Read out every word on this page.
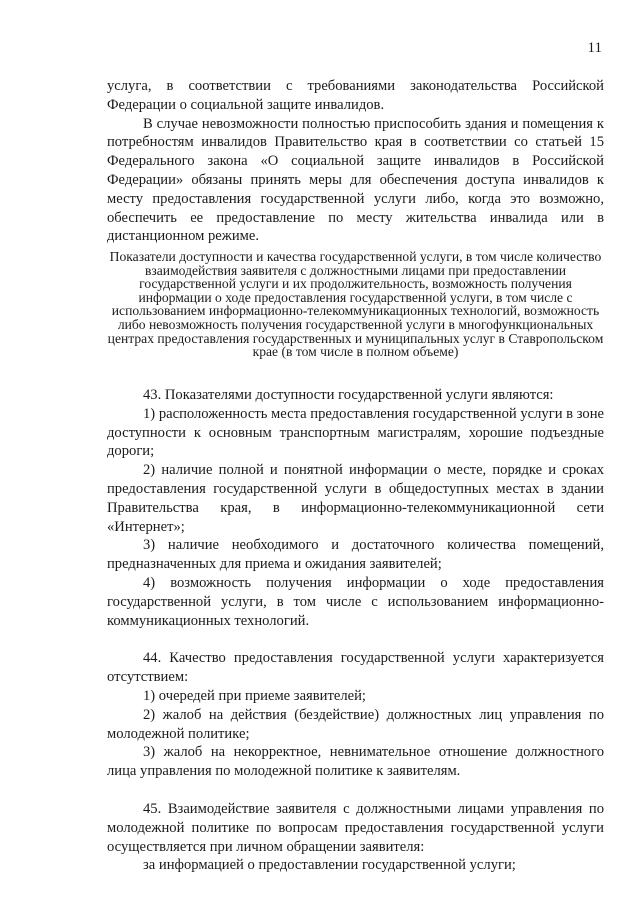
11

услуга, в соответствии с требованиями законодательства Российской Федерации о социальной защите инвалидов.

В случае невозможности полностью приспособить здания и помещения к потребностям инвалидов Правительство края в соответствии со статьей 15 Федерального закона «О социальной защите инвалидов в Российской Федерации» обязаны принять меры для обеспечения доступа инвалидов к месту предоставления государственной услуги либо, когда это возможно, обеспечить ее предоставление по месту жительства инвалида или в дистанционном режиме.

Показатели доступности и качества государственной услуги, в том числе количество взаимодействия заявителя с должностными лицами при предоставлении государственной услуги и их продолжительность, возможность получения информации о ходе предоставления государственной услуги, в том числе с использованием информационно-телекоммуникационных технологий, возможность либо невозможность получения государственной услуги в многофункциональных центрах предоставления государственных и муниципальных услуг в Ставропольском крае (в том числе в полном объеме)

43. Показателями доступности государственной услуги являются:

1) расположенность места предоставления государственной услуги в зоне доступности к основным транспортным магистралям, хорошие подъездные дороги;

2) наличие полной и понятной информации о месте, порядке и сроках предоставления государственной услуги в общедоступных местах в здании Правительства края, в информационно-телекоммуникационной сети «Интернет»;

3) наличие необходимого и достаточного количества помещений, предназначенных для приема и ожидания заявителей;

4) возможность получения информации о ходе предоставления государственной услуги, в том числе с использованием информационно-коммуникационных технологий.

44. Качество предоставления государственной услуги характеризуется отсутствием:

1) очередей при приеме заявителей;

2) жалоб на действия (бездействие) должностных лиц управления по молодежной политике;

3) жалоб на некорректное, невнимательное отношение должностного лица управления по молодежной политике к заявителям.

45. Взаимодействие заявителя с должностными лицами управления по молодежной политике по вопросам предоставления государственной услуги осуществляется при личном обращении заявителя:

за информацией о предоставлении государственной услуги;
